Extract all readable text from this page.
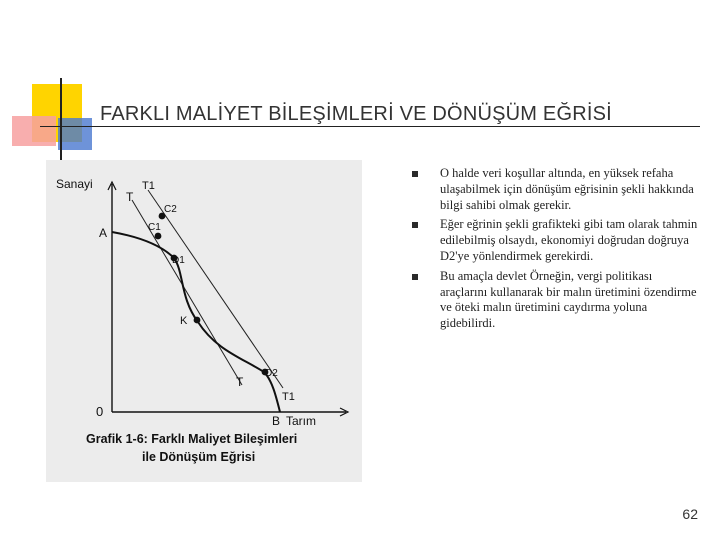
FARKLI MALİYET BİLEŞİMLERİ VE DÖNÜŞÜM EĞRİSİ
Sanayi
Tarım
0
A
B
C1
C2
D1
K
D2
T
T1
T
T1
Grafik 1-6: Farklı Maliyet Bileşimleri
ile Dönüşüm Eğrisi
O halde veri koşullar altında, en yüksek refaha ulaşabilmek için dönüşüm eğrisinin şekli hakkında bilgi sahibi olmak gerekir.
Eğer eğrinin şekli grafikteki gibi tam olarak tahmin edilebilmiş olsaydı, ekonomiyi doğrudan doğruya D2'ye yönlendirmek gerekirdi.
Bu amaçla devlet Örneğin, vergi politikası araçlarını kullanarak bir malın üretimini özendirme ve öteki malın üretimini caydırma yoluna gidebilirdi.
62
